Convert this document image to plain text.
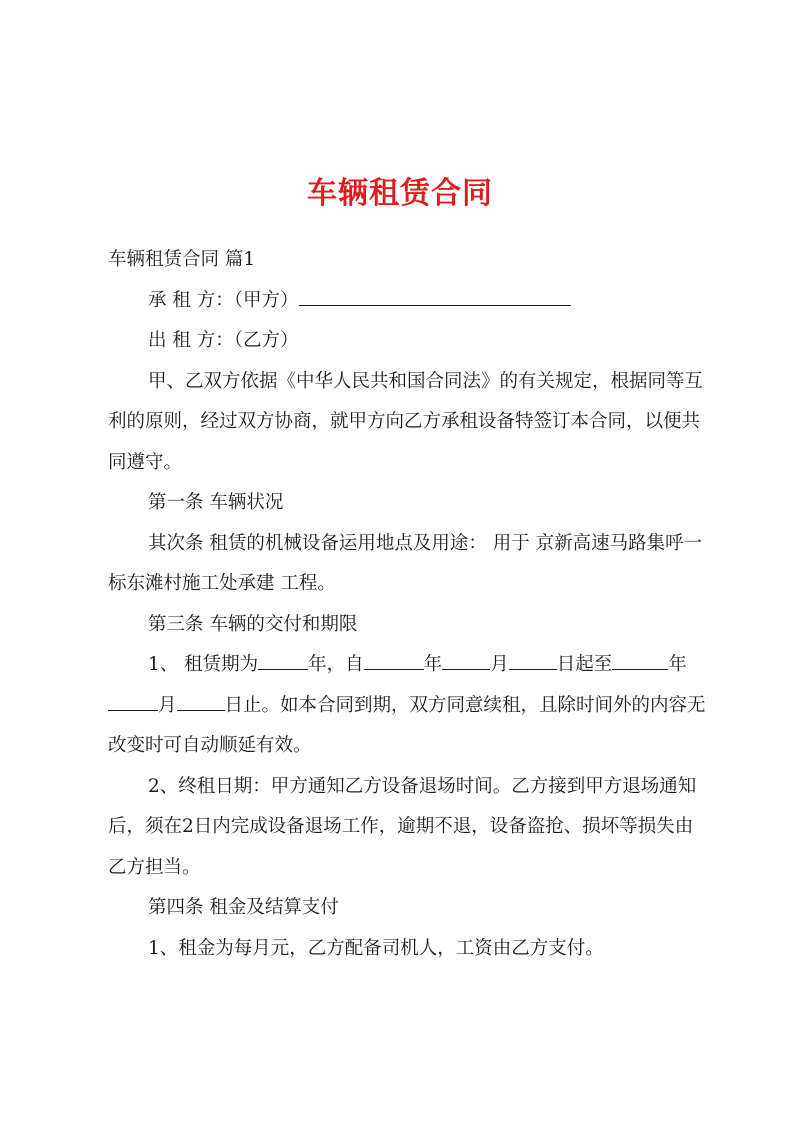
车辆租赁合同

车辆租赁合同 篇1

承 租 方：（甲方）

出 租 方：（乙方）

甲、乙双方依据《中华人民共和国合同法》的有关规定，根据同等互利的原则，经过双方协商，就甲方向乙方承租设备特签订本合同，以便共同遵守。

第一条 车辆状况

其次条 租赁的机械设备运用地点及用途： 用于 京新高速马路集呼一标东滩村施工处承建 工程。

第三条 车辆的交付和期限

1、 租赁期为	年，自	年	月	日起至	年月	日止。如本合同到期，双方同意续租，且除时间外的内容无改变时可自动顺延有效。

2、终租日期：甲方通知乙方设备退场时间。乙方接到甲方退场通知后，须在2日内完成设备退场工作，逾期不退，设备盗抢、损坏等损失由乙方担当。

第四条 租金及结算支付

1、租金为每月元，乙方配备司机人，工资由乙方支付。
